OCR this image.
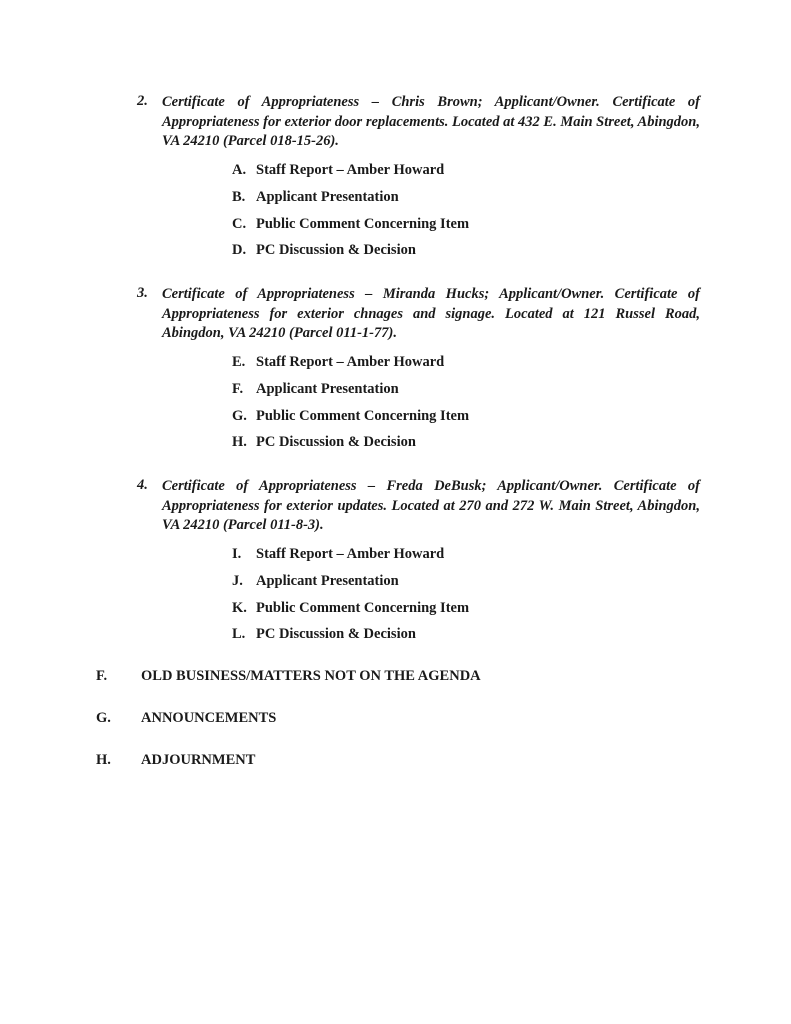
2. Certificate of Appropriateness – Chris Brown; Applicant/Owner. Certificate of Appropriateness for exterior door replacements. Located at 432 E. Main Street, Abingdon, VA 24210 (Parcel 018-15-26).
A. Staff Report – Amber Howard
B. Applicant Presentation
C. Public Comment Concerning Item
D. PC Discussion & Decision
3. Certificate of Appropriateness – Miranda Hucks; Applicant/Owner. Certificate of Appropriateness for exterior chnages and signage. Located at 121 Russel Road, Abingdon, VA 24210 (Parcel 011-1-77).
E. Staff Report – Amber Howard
F. Applicant Presentation
G. Public Comment Concerning Item
H. PC Discussion & Decision
4. Certificate of Appropriateness – Freda DeBusk; Applicant/Owner. Certificate of Appropriateness for exterior updates. Located at 270 and 272 W. Main Street, Abingdon, VA 24210 (Parcel 011-8-3).
I. Staff Report – Amber Howard
J. Applicant Presentation
K. Public Comment Concerning Item
L. PC Discussion & Decision
F. OLD BUSINESS/MATTERS NOT ON THE AGENDA
G. ANNOUNCEMENTS
H. ADJOURNMENT
